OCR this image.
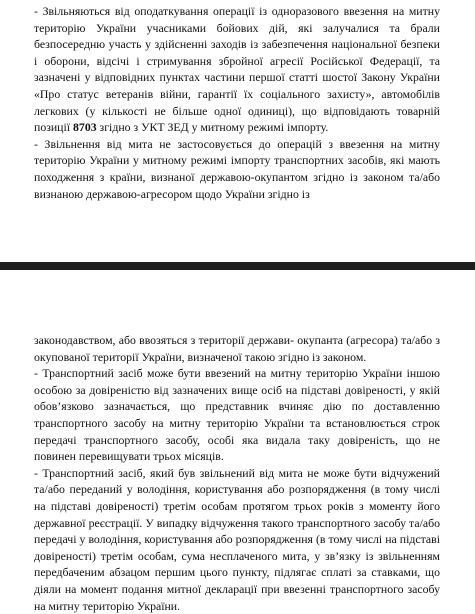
- Звільняються від оподаткування операції із одноразового ввезення на митну територію України учасниками бойових дій, які залучалися та брали безпосередню участь у здійсненні заходів із забезпечення національної безпеки і оборони, відсічі і стримування збройної агресії Російської Федерації, та зазначені у відповідних пунктах частини першої статті шостої Закону України «Про статус ветеранів війни, гарантії їх соціального захисту», автомобілів легкових (у кількості не більше одної одиниці), що відповідають товарній позиції 8703 згідно з УКТ ЗЕД у митному режимі імпорту.

- Звільнення від мита не застосовується до операцій з ввезення на митну територію України у митному режимі імпорту транспортних засобів, які мають походження з країни, визнаної державою-окупантом згідно із законом та/або визнаною державою-агресором щодо України згідно із

законодавством, або ввозяться з території держави- окупанта (агресора) та/або з окупованої території України, визначеної такою згідно із законом.

- Транспортний засіб може бути ввезений на митну територію України іншою особою за довіреністю від зазначених вище осіб на підставі довіреності, у якій обов’язково зазначається, що представник вчиняє дію по доставленню транспортного засобу на митну територію України та встановлюється строк передачі транспортного засобу, особі яка видала таку довіреність, що не повинен перевищувати трьох місяців.

- Транспортний засіб, який був звільнений від мита не може бути відчужений та/або переданий у володіння, користування або розпорядження (в тому числі на підставі довіреності) третім особам протягом трьох років з моменту його державної реєстрації. У випадку відчуження такого транспортного засобу та/або передачі у володіння, користування або розпорядження (в тому числі на підставі довіреності) третім особам, сума несплаченого мита, у зв’язку із звільненням передбаченим абзацом першим цього пункту, підлягає сплаті за ставками, що діяли на момент подання митної декларації при ввезенні транспортного засобу на митну територію України.
